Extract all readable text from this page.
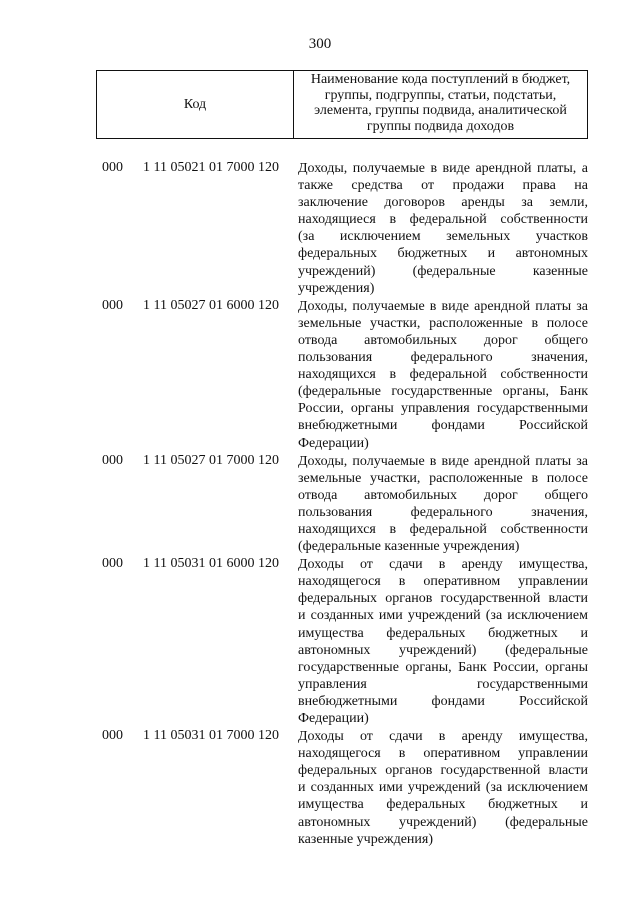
300
Код
Наименование кода поступлений в бюджет,
группы, подгруппы, статьи, подстатьи,
элемента, группы подвида, аналитической
группы подвида доходов
000 1 11 05021 01 7000 120 Доходы, получаемые в виде арендной платы, а
также средства от продажи права на
заключение договоров аренды за земли,
находящиеся в федеральной собственности
(за исключением земельных участков
федеральных бюджетных и автономных
учреждений) (федеральные казенные
учреждения)
000 1 11 05027 01 6000 120 Доходы, получаемые в виде арендной платы за
земельные участки, расположенные в полосе
отвода автомобильных дорог общего
пользования федерального значения,
находящихся в федеральной собственности
(федеральные государственные органы, Банк
России, органы управления государственными
внебюджетными фондами Российской
Федерации)
000 1 11 05027 01 7000 120 Доходы, получаемые в виде арендной платы за
земельные участки, расположенные в полосе
отвода автомобильных дорог общего
пользования федерального значения,
находящихся в федеральной собственности
(федеральные казенные учреждения)
000 1 11 05031 01 6000 120 Доходы от сдачи в аренду имущества,
находящегося в оперативном управлении
федеральных органов государственной власти
и созданных ими учреждений (за исключением
имущества федеральных бюджетных и
автономных учреждений) (федеральные
государственные органы, Банк России, органы
управления государственными
внебюджетными фондами Российской
Федерации)
000 1 11 05031 01 7000 120 Доходы от сдачи в аренду имущества,
находящегося в оперативном управлении
федеральных органов государственной власти
и созданных ими учреждений (за исключением
имущества федеральных бюджетных и
автономных учреждений) (федеральные
казенные учреждения)
